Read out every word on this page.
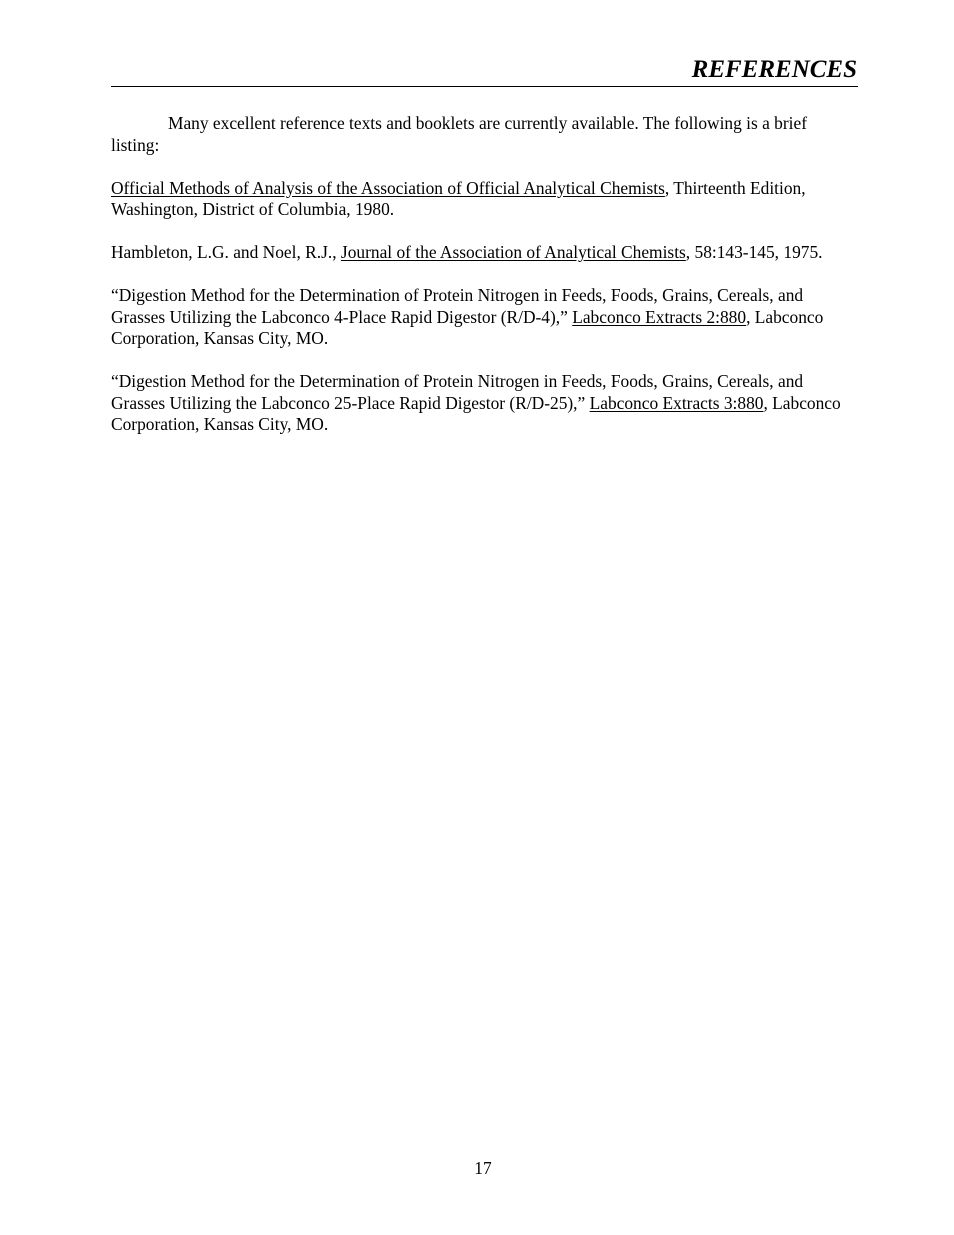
REFERENCES

Many excellent reference texts and booklets are currently available. The following is a brief listing:

Official Methods of Analysis of the Association of Official Analytical Chemists, Thirteenth Edition, Washington, District of Columbia, 1980.

Hambleton, L.G. and Noel, R.J., Journal of the Association of Analytical Chemists, 58:143-145, 1975.

“Digestion Method for the Determination of Protein Nitrogen in Feeds, Foods, Grains, Cereals, and Grasses Utilizing the Labconco 4-Place Rapid Digestor (R/D-4),” Labconco Extracts 2:880, Labconco Corporation, Kansas City, MO.

“Digestion Method for the Determination of Protein Nitrogen in Feeds, Foods, Grains, Cereals, and Grasses Utilizing the Labconco 25-Place Rapid Digestor (R/D-25),” Labconco Extracts 3:880, Labconco Corporation, Kansas City, MO.

17
